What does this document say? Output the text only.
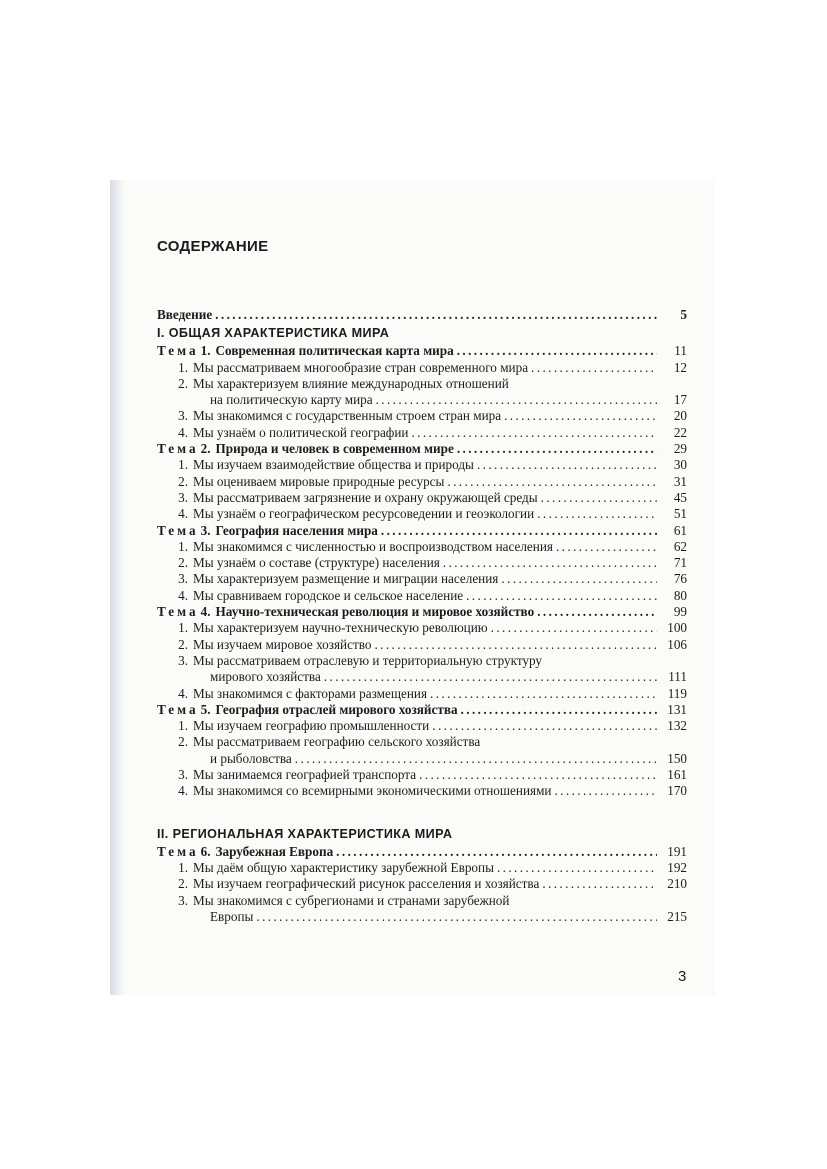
СОДЕРЖАНИЕ
Введение .....	5
I. ОБЩАЯ ХАРАКТЕРИСТИКА МИРА
Тема 1. Современная политическая карта мира .....	11
1. Мы рассматриваем многообразие стран современного мира .....	12
2. Мы характеризуем влияние международных отношений
на политическую карту мира .....	17
3. Мы знакомимся с государственным строем стран мира .....	20
4. Мы узнаём о политической географии .....	22
Тема 2. Природа и человек в современном мире .....	29
1. Мы изучаем взаимодействие общества и природы .....	30
2. Мы оцениваем мировые природные ресурсы .....	31
3. Мы рассматриваем загрязнение и охрану окружающей среды .....	45
4. Мы узнаём о географическом ресурсоведении и геоэкологии .....	51
Тема 3. География населения мира .....	61
1. Мы знакомимся с численностью и воспроизводством населения .....	62
2. Мы узнаём о составе (структуре) населения .....	71
3. Мы характеризуем размещение и миграции населения .....	76
4. Мы сравниваем городское и сельское население .....	80
Тема 4. Научно-техническая революция и мировое хозяйство .....	99
1. Мы характеризуем научно-техническую революцию .....	100
2. Мы изучаем мировое хозяйство .....	106
3. Мы рассматриваем отраслевую и территориальную структуру
мирового хозяйства .....	111
4. Мы знакомимся с факторами размещения .....	119
Тема 5. География отраслей мирового хозяйства .....	131
1. Мы изучаем географию промышленности .....	132
2. Мы рассматриваем географию сельского хозяйства
и рыболовства .....	150
3. Мы занимаемся географией транспорта .....	161
4. Мы знакомимся со всемирными экономическими отношениями .....	170
II. РЕГИОНАЛЬНАЯ ХАРАКТЕРИСТИКА МИРА
Тема 6. Зарубежная Европа .....	191
1. Мы даём общую характеристику зарубежной Европы .....	192
2. Мы изучаем географический рисунок расселения и хозяйства .....	210
3. Мы знакомимся с субрегионами и странами зарубежной
Европы .....	215
3
